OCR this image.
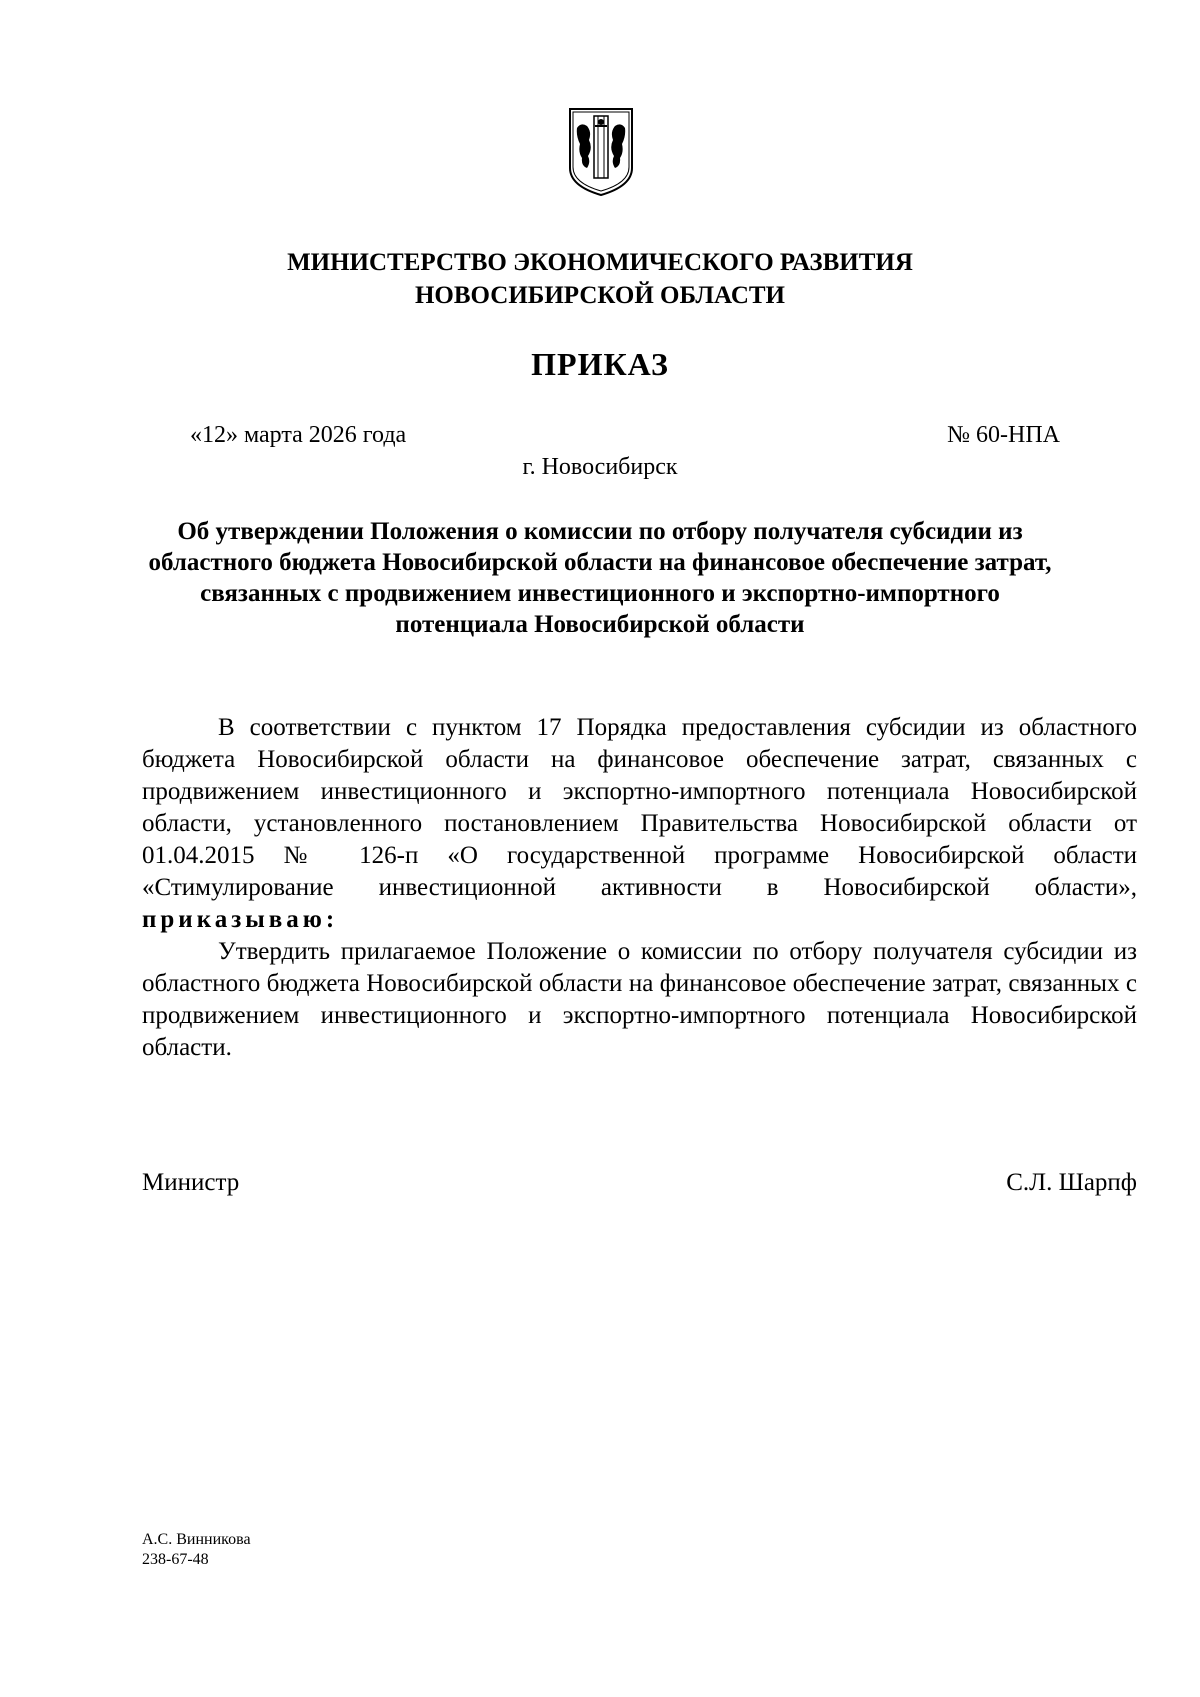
МИНИСТЕРСТВО ЭКОНОМИЧЕСКОГО РАЗВИТИЯ
НОВОСИБИРСКОЙ ОБЛАСТИ
ПРИКАЗ
«12» марта 2026 года	№ 60-НПА
г. Новосибирск
Об утверждении Положения о комиссии по отбору получателя субсидии из областного бюджета Новосибирской области на финансовое обеспечение затрат, связанных с продвижением инвестиционного и экспортно-импортного потенциала Новосибирской области

В соответствии с пунктом 17 Порядка предоставления субсидии из областного бюджета Новосибирской области на финансовое обеспечение затрат, связанных с продвижением инвестиционного и экспортно-импортного потенциала Новосибирской области, установленного постановлением Правительства Новосибирской области от 01.04.2015 № 126-п «О государственной программе Новосибирской области «Стимулирование инвестиционной активности в Новосибирской области», приказываю:

Утвердить прилагаемое Положение о комиссии по отбору получателя субсидии из областного бюджета Новосибирской области на финансовое обеспечение затрат, связанных с продвижением инвестиционного и экспортно-импортного потенциала Новосибирской области.

Министр	С.Л. Шарпф
А.С. Винникова
238-67-48
